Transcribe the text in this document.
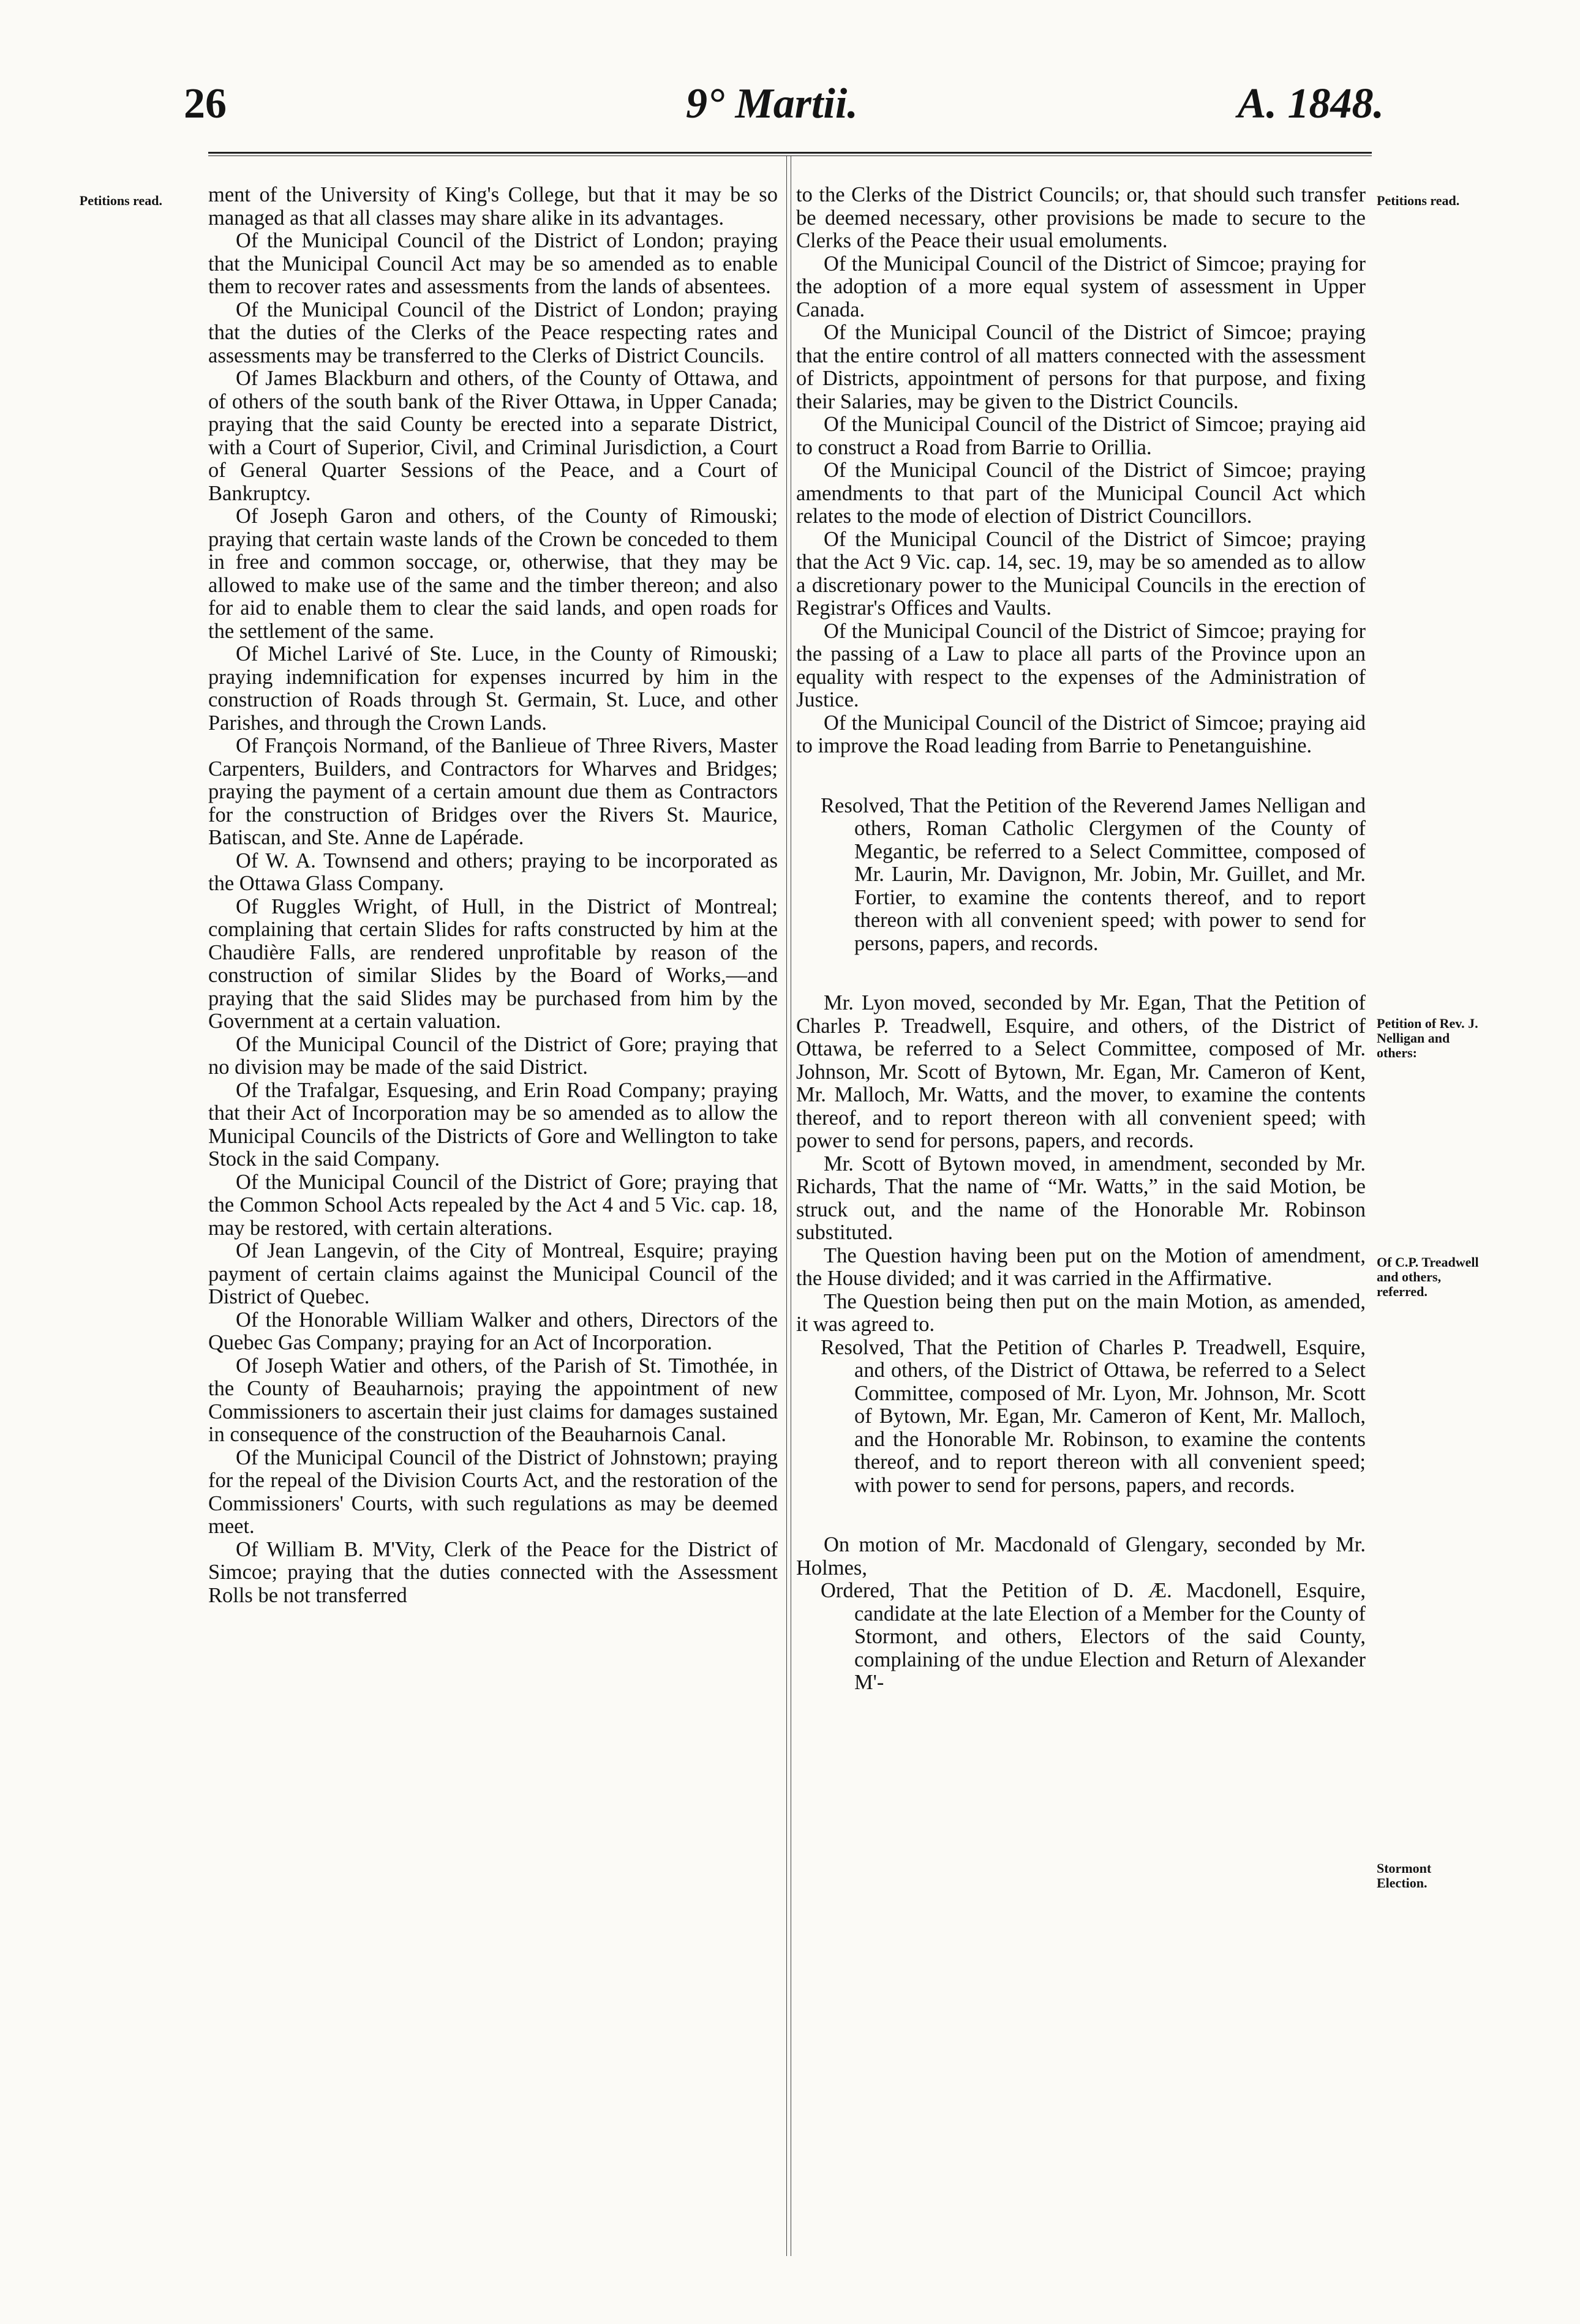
26	9° Martii.	A. 1848.
Petitions read.	Petitions read.
Petition of Rev. J. Nelligan and others:
Of C.P. Treadwell and others, referred.
Stormont Election.

ment of the University of King's College, but that it may be so managed as that all classes may share alike in its advantages.

Of the Municipal Council of the District of London; praying that the Municipal Council Act may be so amended as to enable them to recover rates and assessments from the lands of absentees.

Of the Municipal Council of the District of London; praying that the duties of the Clerks of the Peace respecting rates and assessments may be transferred to the Clerks of District Councils.

Of James Blackburn and others, of the County of Ottawa, and of others of the south bank of the River Ottawa, in Upper Canada; praying that the said County be erected into a separate District, with a Court of Superior, Civil, and Criminal Jurisdiction, a Court of General Quarter Sessions of the Peace, and a Court of Bankruptcy.

Of Joseph Garon and others, of the County of Rimouski; praying that certain waste lands of the Crown be conceded to them in free and common soccage, or, otherwise, that they may be allowed to make use of the same and the timber thereon; and also for aid to enable them to clear the said lands, and open roads for the settlement of the same.

Of Michel Larivé of Ste. Luce, in the County of Rimouski; praying indemnification for expenses incurred by him in the construction of Roads through St. Germain, St. Luce, and other Parishes, and through the Crown Lands.

Of François Normand, of the Banlieue of Three Rivers, Master Carpenters, Builders, and Contractors for Wharves and Bridges; praying the payment of a certain amount due them as Contractors for the construction of Bridges over the Rivers St. Maurice, Batiscan, and Ste. Anne de Lapérade.

Of W. A. Townsend and others; praying to be incorporated as the Ottawa Glass Company.

Of Ruggles Wright, of Hull, in the District of Montreal; complaining that certain Slides for rafts constructed by him at the Chaudière Falls, are rendered unprofitable by reason of the construction of similar Slides by the Board of Works,—and praying that the said Slides may be purchased from him by the Government at a certain valuation.

Of the Municipal Council of the District of Gore; praying that no division may be made of the said District.

Of the Trafalgar, Esquesing, and Erin Road Company; praying that their Act of Incorporation may be so amended as to allow the Municipal Councils of the Districts of Gore and Wellington to take Stock in the said Company.

Of the Municipal Council of the District of Gore; praying that the Common School Acts repealed by the Act 4 and 5 Vic. cap. 18, may be restored, with certain alterations.

Of Jean Langevin, of the City of Montreal, Esquire; praying payment of certain claims against the Municipal Council of the District of Quebec.

Of the Honorable William Walker and others, Directors of the Quebec Gas Company; praying for an Act of Incorporation.

Of Joseph Watier and others, of the Parish of St. Timothée, in the County of Beauharnois; praying the appointment of new Commissioners to ascertain their just claims for damages sustained in consequence of the construction of the Beauharnois Canal.

Of the Municipal Council of the District of Johnstown; praying for the repeal of the Division Courts Act, and the restoration of the Commissioners' Courts, with such regulations as may be deemed meet.

Of William B. M'Vity, Clerk of the Peace for the District of Simcoe; praying that the duties connected with the Assessment Rolls be not transferred

to the Clerks of the District Councils; or, that should such transfer be deemed necessary, other provisions be made to secure to the Clerks of the Peace their usual emoluments.

Of the Municipal Council of the District of Simcoe; praying for the adoption of a more equal system of assessment in Upper Canada.

Of the Municipal Council of the District of Simcoe; praying that the entire control of all matters connected with the assessment of Districts, appointment of persons for that purpose, and fixing their Salaries, may be given to the District Councils.

Of the Municipal Council of the District of Simcoe; praying aid to construct a Road from Barrie to Orillia.

Of the Municipal Council of the District of Simcoe; praying amendments to that part of the Municipal Council Act which relates to the mode of election of District Councillors.

Of the Municipal Council of the District of Simcoe; praying that the Act 9 Vic. cap. 14, sec. 19, may be so amended as to allow a discretionary power to the Municipal Councils in the erection of Registrar's Offices and Vaults.

Of the Municipal Council of the District of Simcoe; praying for the passing of a Law to place all parts of the Province upon an equality with respect to the expenses of the Administration of Justice.

Of the Municipal Council of the District of Simcoe; praying aid to improve the Road leading from Barrie to Penetanguishine.

Resolved, That the Petition of the Reverend James Nelligan and others, Roman Catholic Clergymen of the County of Megantic, be referred to a Select Committee, composed of Mr. Laurin, Mr. Davignon, Mr. Jobin, Mr. Guillet, and Mr. Fortier, to examine the contents thereof, and to report thereon with all convenient speed; with power to send for persons, papers, and records.

Mr. Lyon moved, seconded by Mr. Egan, That the Petition of Charles P. Treadwell, Esquire, and others, of the District of Ottawa, be referred to a Select Committee, composed of Mr. Johnson, Mr. Scott of Bytown, Mr. Egan, Mr. Cameron of Kent, Mr. Malloch, Mr. Watts, and the mover, to examine the contents thereof, and to report thereon with all convenient speed; with power to send for persons, papers, and records.

Mr. Scott of Bytown moved, in amendment, seconded by Mr. Richards, That the name of “Mr. Watts,” in the said Motion, be struck out, and the name of the Honorable Mr. Robinson substituted.

The Question having been put on the Motion of amendment, the House divided; and it was carried in the Affirmative.

The Question being then put on the main Motion, as amended, it was agreed to.

Resolved, That the Petition of Charles P. Treadwell, Esquire, and others, of the District of Ottawa, be referred to a Select Committee, composed of Mr. Lyon, Mr. Johnson, Mr. Scott of Bytown, Mr. Egan, Mr. Cameron of Kent, Mr. Malloch, and the Honorable Mr. Robinson, to examine the contents thereof, and to report thereon with all convenient speed; with power to send for persons, papers, and records.

On motion of Mr. Macdonald of Glengary, seconded by Mr. Holmes,

Ordered, That the Petition of D. Æ. Macdonell, Esquire, candidate at the late Election of a Member for the County of Stormont, and others, Electors of the said County, complaining of the undue Election and Return of Alexander M'-
